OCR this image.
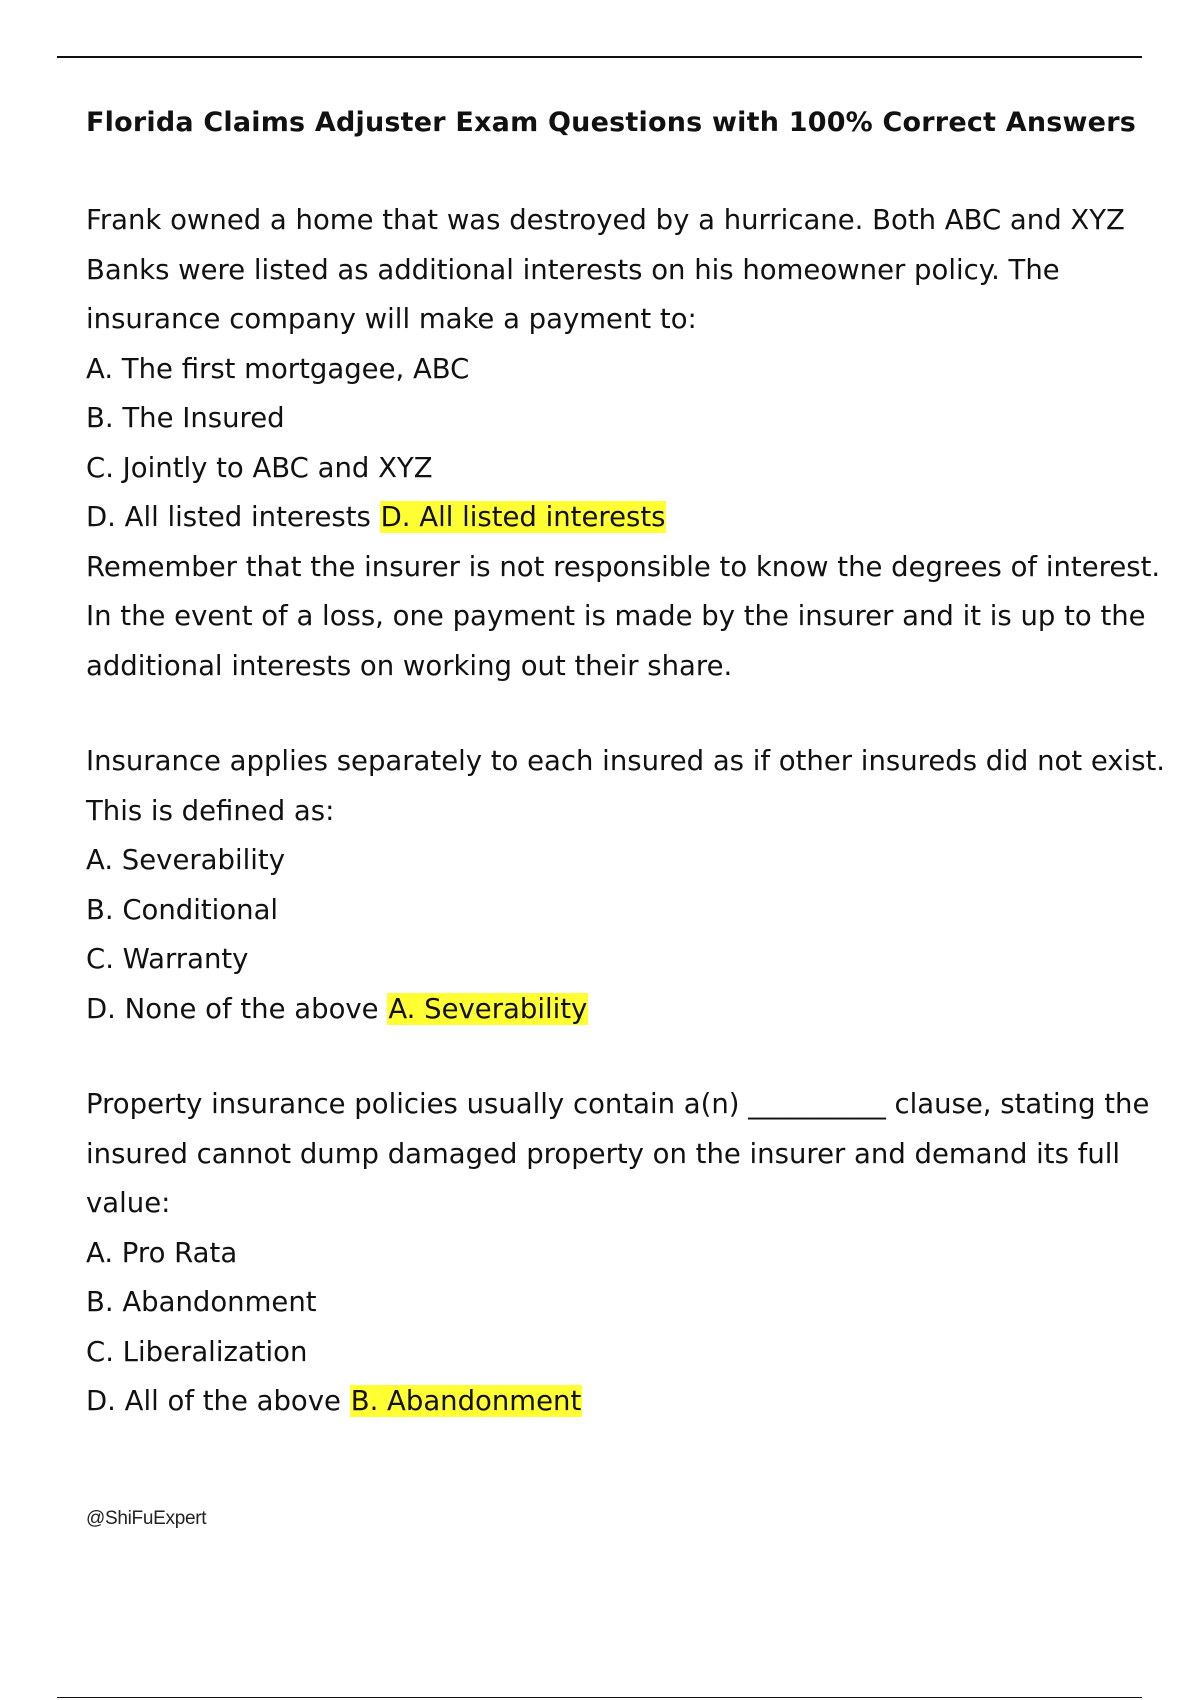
Florida Claims Adjuster Exam Questions with 100% Correct Answers

Frank owned a home that was destroyed by a hurricane. Both ABC and XYZ Banks were listed as additional interests on his homeowner policy. The insurance company will make a payment to:

A. The first mortgagee, ABC

B. The Insured

C. Jointly to ABC and XYZ

D. All listed interests D. All listed interests

Remember that the insurer is not responsible to know the degrees of interest. In the event of a loss, one payment is made by the insurer and it is up to the additional interests on working out their share.

Insurance applies separately to each insured as if other insureds did not exist. This is defined as:

A. Severability

B. Conditional

C. Warranty

D. None of the above A. Severability

Property insurance policies usually contain a(n) __________ clause, stating the insured cannot dump damaged property on the insurer and demand its full value:

A. Pro Rata

B. Abandonment

C. Liberalization

D. All of the above B. Abandonment

@ShiFuExpert
